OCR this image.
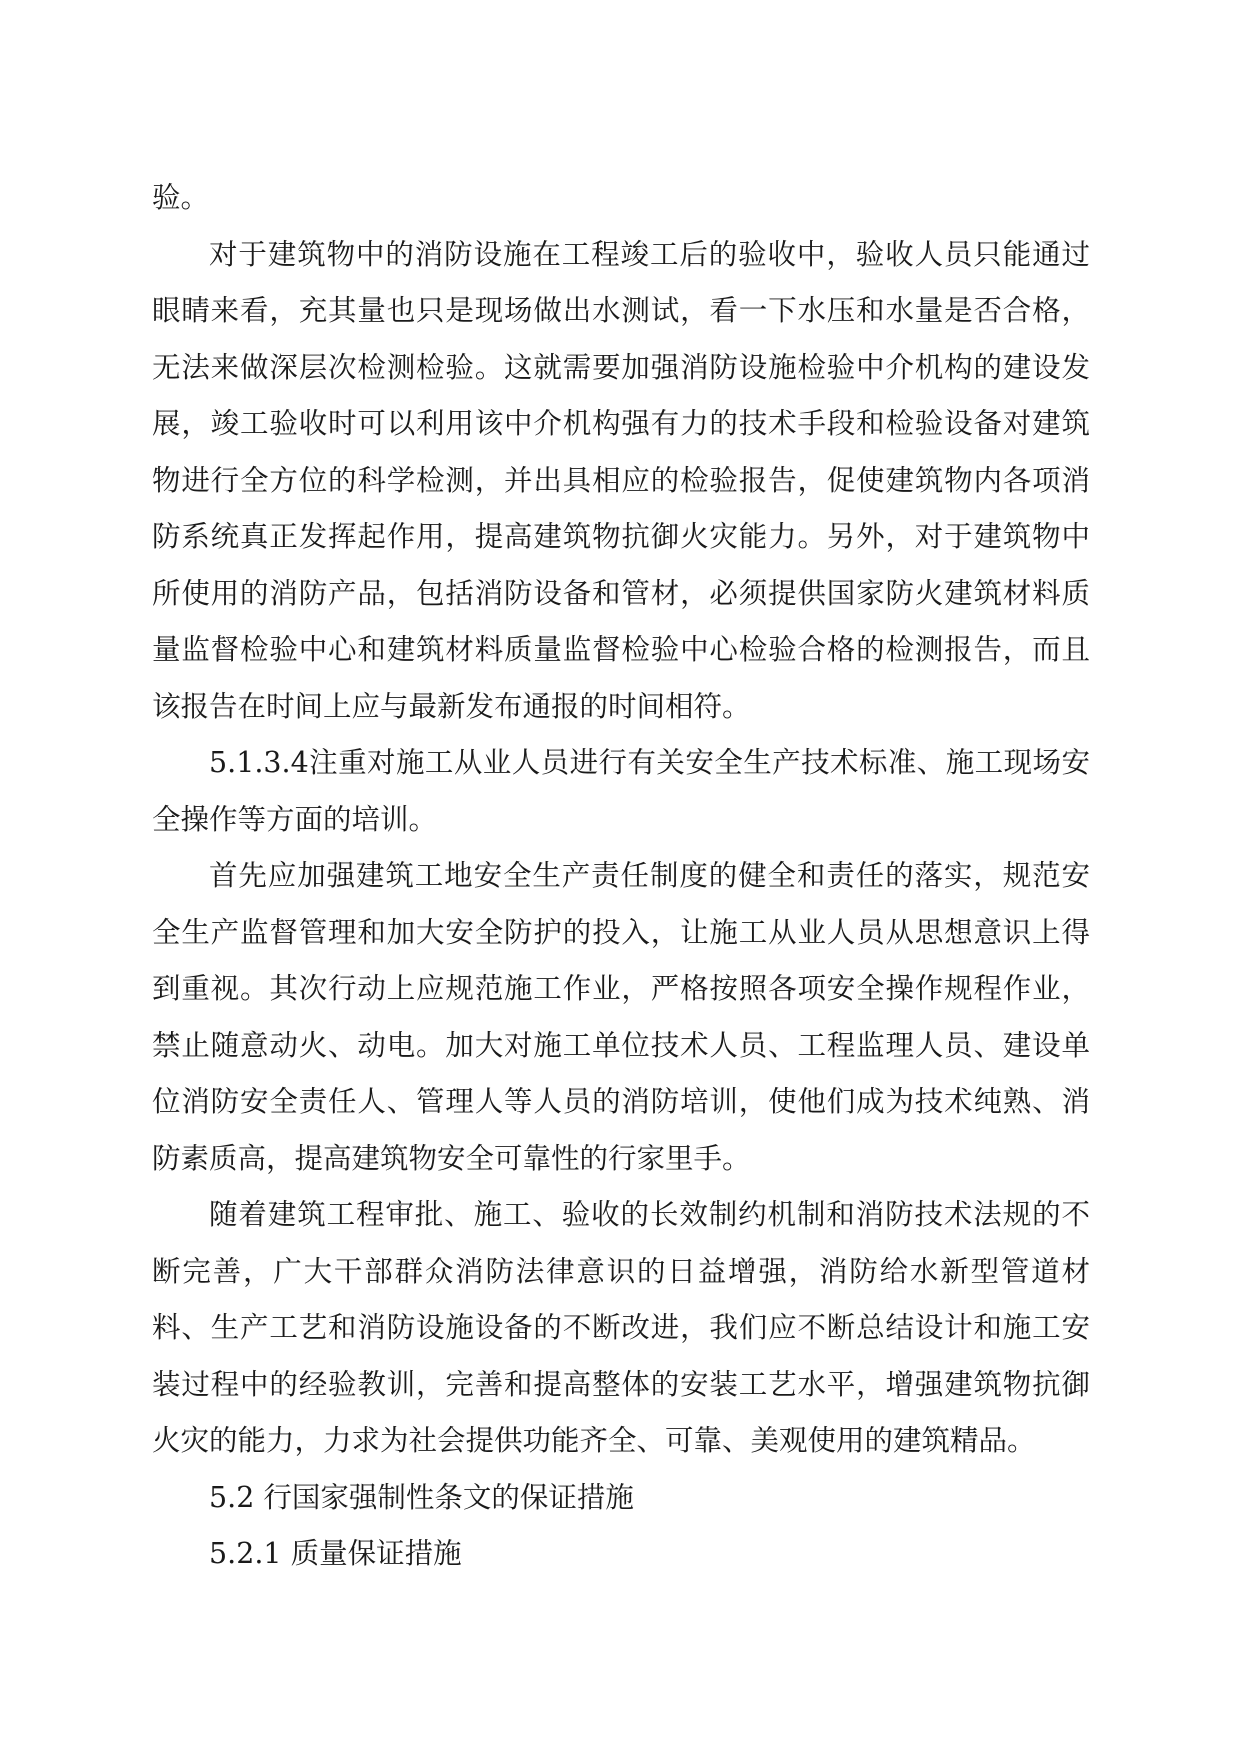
验。

对于建筑物中的消防设施在工程竣工后的验收中，验收人员只能通过眼睛来看，充其量也只是现场做出水测试，看一下水压和水量是否合格，无法来做深层次检测检验。这就需要加强消防设施检验中介机构的建设发展，竣工验收时可以利用该中介机构强有力的技术手段和检验设备对建筑物进行全方位的科学检测，并出具相应的检验报告，促使建筑物内各项消防系统真正发挥起作用，提高建筑物抗御火灾能力。另外，对于建筑物中所使用的消防产品，包括消防设备和管材，必须提供国家防火建筑材料质量监督检验中心和建筑材料质量监督检验中心检验合格的检测报告，而且该报告在时间上应与最新发布通报的时间相符。

5.1.3.4注重对施工从业人员进行有关安全生产技术标准、施工现场安全操作等方面的培训。

首先应加强建筑工地安全生产责任制度的健全和责任的落实，规范安全生产监督管理和加大安全防护的投入，让施工从业人员从思想意识上得到重视。其次行动上应规范施工作业，严格按照各项安全操作规程作业，禁止随意动火、动电。加大对施工单位技术人员、工程监理人员、建设单位消防安全责任人、管理人等人员的消防培训，使他们成为技术纯熟、消防素质高，提高建筑物安全可靠性的行家里手。

随着建筑工程审批、施工、验收的长效制约机制和消防技术法规的不断完善，广大干部群众消防法律意识的日益增强，消防给水新型管道材料、生产工艺和消防设施设备的不断改进，我们应不断总结设计和施工安装过程中的经验教训，完善和提高整体的安装工艺水平，增强建筑物抗御火灾的能力，力求为社会提供功能齐全、可靠、美观使用的建筑精品。

5.2 行国家强制性条文的保证措施

5.2.1 质量保证措施
